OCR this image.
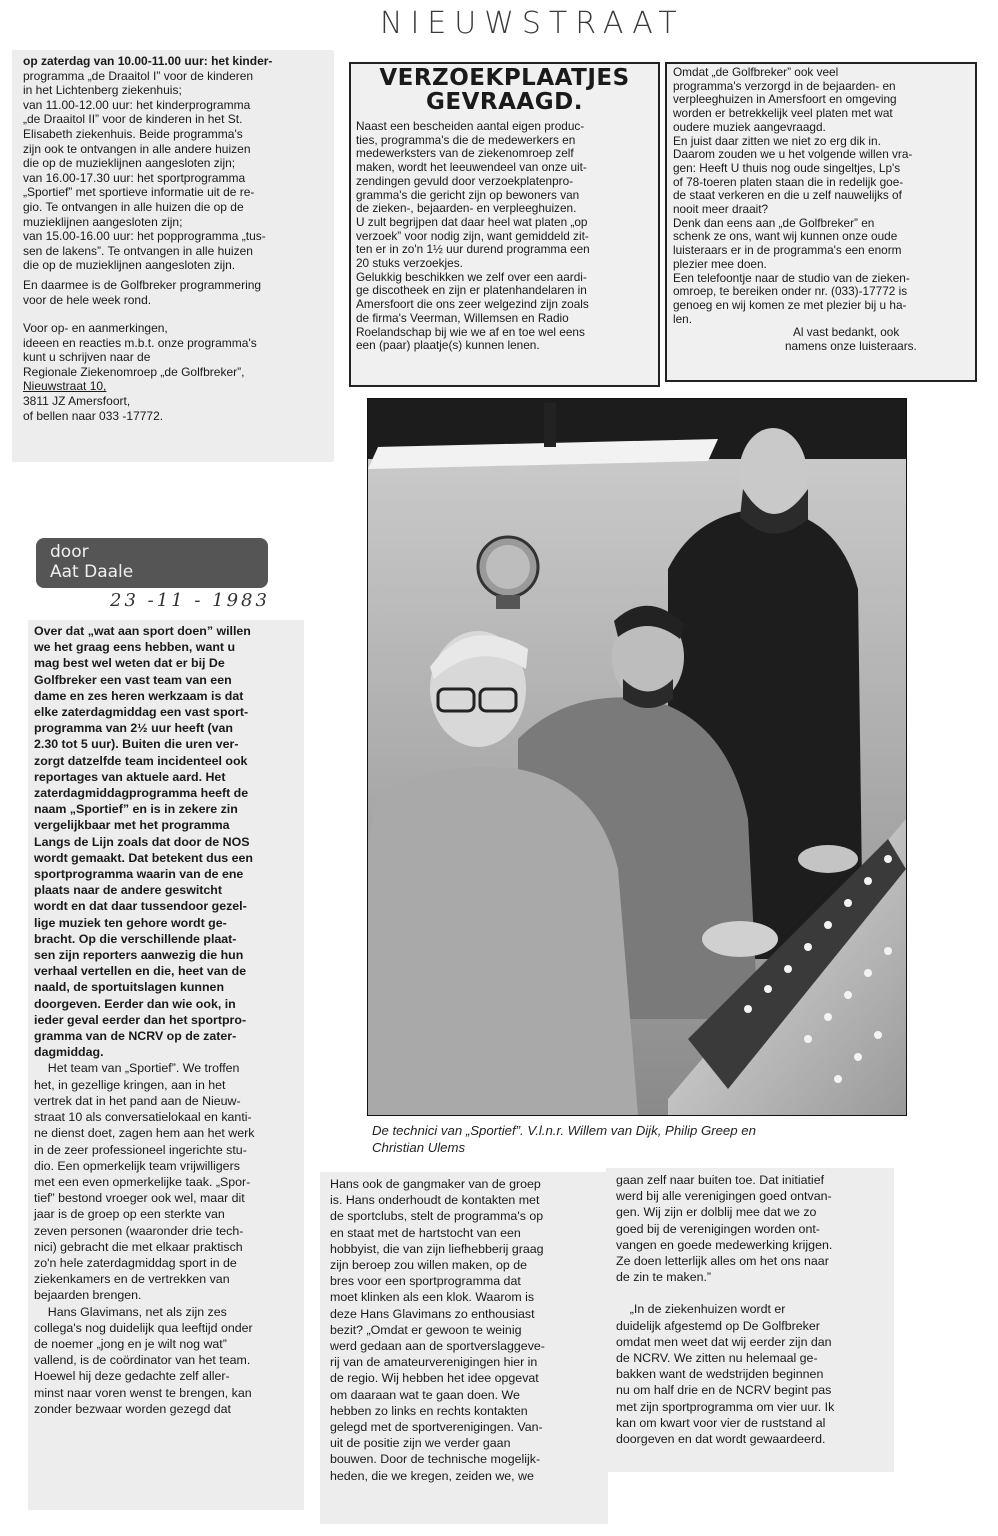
NIEUWSTRAAT

op zaterdag van 10.00-11.00 uur: het kinder-

programma „de Draaitol I” voor de kinderen

in het Lichtenberg ziekenhuis;

van 11.00-12.00 uur: het kinderprogramma

„de Draaitol II” voor de kinderen in het St.

Elisabeth ziekenhuis. Beide programma's

zijn ook te ontvangen in alle andere huizen

die op de muzieklijnen aangesloten zijn;

van 16.00-17.30 uur: het sportprogramma

„Sportief” met sportieve informatie uit de re-

gio. Te ontvangen in alle huizen die op de

muzieklijnen aangesloten zijn;

van 15.00-16.00 uur: het popprogramma „tus-

sen de lakens”. Te ontvangen in alle huizen

die op de muzieklijnen aangesloten zijn.

En daarmee is de Golfbreker programmering

voor de hele week rond.

Voor op- en aanmerkingen,

ideeen en reacties m.b.t. onze programma's

kunt u schrijven naar de

Regionale Ziekenomroep „de Golfbreker”,

Nieuwstraat 10,

3811 JZ Amersfoort,

of bellen naar 033 -17772.

VERZOEKPLAATJES
GEVRAAGD.

Naast een bescheiden aantal eigen produc-

ties, programma's die de medewerkers en

medewerksters van de ziekenomroep zelf

maken, wordt het leeuwendeel van onze uit-

zendingen gevuld door verzoekplatenpro-

gramma's die gericht zijn op bewoners van

de zieken-, bejaarden- en verpleeghuizen.

U zult begrijpen dat daar heel wat platen „op

verzoek” voor nodig zijn, want gemiddeld zit-

ten er in zo'n 1½ uur durend programma een

20 stuks verzoekjes.

Gelukkig beschikken we zelf over een aardi-

ge discotheek en zijn er platenhandelaren in

Amersfoort die ons zeer welgezind zijn zoals

de firma's Veerman, Willemsen en Radio

Roelandschap bij wie we af en toe wel eens

een (paar) plaatje(s) kunnen lenen.

Omdat „de Golfbreker” ook veel

programma's verzorgd in de bejaarden- en

verpleeghuizen in Amersfoort en omgeving

worden er betrekkelijk veel platen met wat

oudere muziek aangevraagd.

En juist daar zitten we niet zo erg dik in.

Daarom zouden we u het volgende willen vra-

gen: Heeft U thuis nog oude singeltjes, Lp's

of 78-toeren platen staan die in redelijk goe-

de staat verkeren en die u zelf nauwelijks of

nooit meer draait?

Denk dan eens aan „de Golfbreker” en

schenk ze ons, want wij kunnen onze oude

luisteraars er in de programma's een enorm

plezier mee doen.

Een telefoontje naar de studio van de zieken-

omroep, te bereiken onder nr. (033)-17772 is

genoeg en wij komen ze met plezier bij u ha-

len.

Al vast bedankt, ook

namens onze luisteraars.

door
Aat Daale
23 -11 - 1983

Over dat „wat aan sport doen” willen

we het graag eens hebben, want u

mag best wel weten dat er bij De

Golfbreker een vast team van een

dame en zes heren werkzaam is dat

elke zaterdagmiddag een vast sport-

programma van 2½ uur heeft (van

2.30 tot 5 uur). Buiten die uren ver-

zorgt datzelfde team incidenteel ook

reportages van aktuele aard. Het

zaterdagmiddagprogramma heeft de

naam „Sportief” en is in zekere zin

vergelijkbaar met het programma

Langs de Lijn zoals dat door de NOS

wordt gemaakt. Dat betekent dus een

sportprogramma waarin van de ene

plaats naar de andere geswitcht

wordt en dat daar tussendoor gezel-

lige muziek ten gehore wordt ge-

bracht. Op die verschillende plaat-

sen zijn reporters aanwezig die hun

verhaal vertellen en die, heet van de

naald, de sportuitslagen kunnen

doorgeven. Eerder dan wie ook, in

ieder geval eerder dan het sportpro-

gramma van de NCRV op de zater-

dagmiddag.

Het team van „Sportief”. We troffen

het, in gezellige kringen, aan in het

vertrek dat in het pand aan de Nieuw-

straat 10 als conversatielokaal en kanti-

ne dienst doet, zagen hem aan het werk

in de zeer professioneel ingerichte stu-

dio. Een opmerkelijk team vrijwilligers

met een even opmerkelijke taak. „Spor-

tief” bestond vroeger ook wel, maar dit

jaar is de groep op een sterkte van

zeven personen (waaronder drie tech-

nici) gebracht die met elkaar praktisch

zo'n hele zaterdagmiddag sport in de

ziekenkamers en de vertrekken van

bejaarden brengen.

Hans Glavimans, net als zijn zes

collega's nog duidelijk qua leeftijd onder

de noemer „jong en je wilt nog wat”

vallend, is de coördinator van het team.

Hoewel hij deze gedachte zelf aller-

minst naar voren wenst te brengen, kan

zonder bezwaar worden gezegd dat

De technici van „Sportief”. V.l.n.r. Willem van Dijk, Philip Greep en
Christian Ulems

Hans ook de gangmaker van de groep

is. Hans onderhoudt de kontakten met

de sportclubs, stelt de programma's op

en staat met de hartstocht van een

hobbyist, die van zijn liefhebberij graag

zijn beroep zou willen maken, op de

bres voor een sportprogramma dat

moet klinken als een klok. Waarom is

deze Hans Glavimans zo enthousiast

bezit? „Omdat er gewoon te weinig

werd gedaan aan de sportverslaggeve-

rij van de amateurverenigingen hier in

de regio. Wij hebben het idee opgevat

om daaraan wat te gaan doen. We

hebben zo links en rechts kontakten

gelegd met de sportverenigingen. Van-

uit de positie zijn we verder gaan

bouwen. Door de technische mogelijk-

heden, die we kregen, zeiden we, we

gaan zelf naar buiten toe. Dat initiatief

werd bij alle verenigingen goed ontvan-

gen. Wij zijn er dolblij mee dat we zo

goed bij de verenigingen worden ont-

vangen en goede medewerking krijgen.

Ze doen letterlijk alles om het ons naar

de zin te maken.”

„In de ziekenhuizen wordt er

duidelijk afgestemd op De Golfbreker

omdat men weet dat wij eerder zijn dan

de NCRV. We zitten nu helemaal ge-

bakken want de wedstrijden beginnen

nu om half drie en de NCRV begint pas

met zijn sportprogramma om vier uur. Ik

kan om kwart voor vier de ruststand al

doorgeven en dat wordt gewaardeerd.
